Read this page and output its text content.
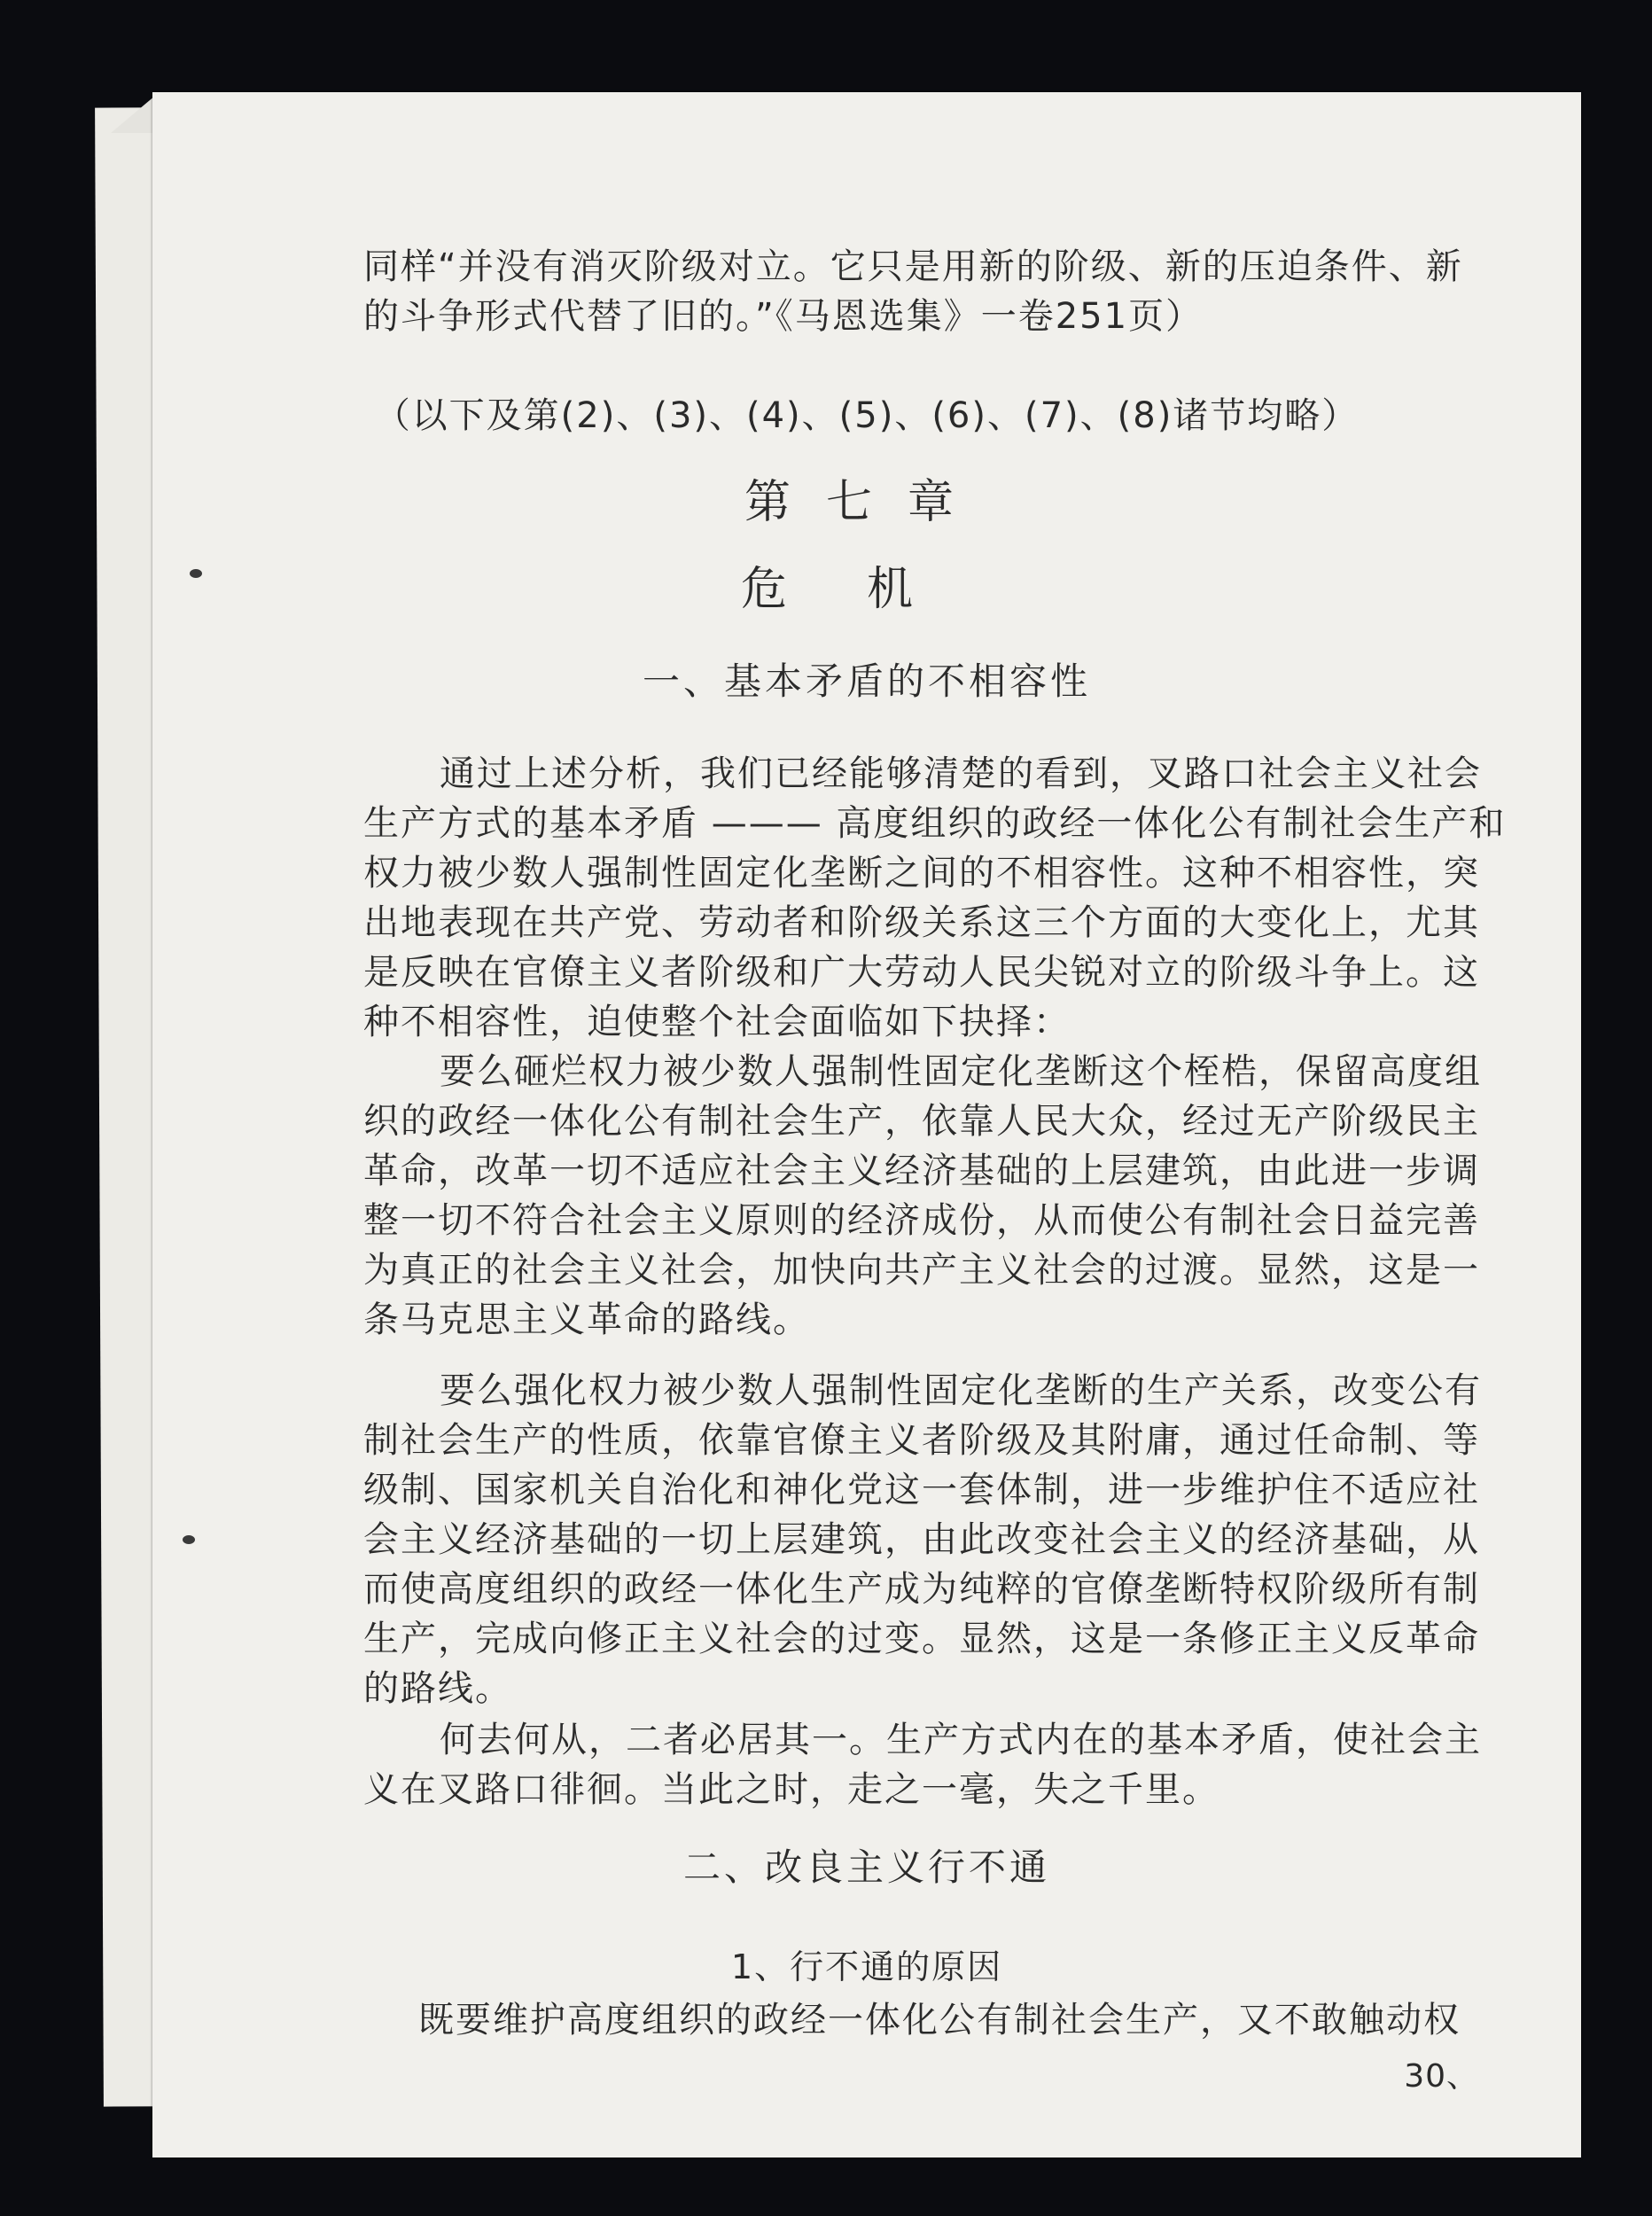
同样“并没有消灭阶级对立。它只是用新的阶级、新的压迫条件、新
的斗争形式代替了旧的。”《马恩选集》一卷251页）
（以下及第(2)、(3)、(4)、(5)、(6)、(7)、(8)诸节均略）
第七章
危机
一、基本矛盾的不相容性
通过上述分析，我们已经能够清楚的看到，叉路口社会主义社会
生产方式的基本矛盾 ——— 高度组织的政经一体化公有制社会生产和
权力被少数人强制性固定化垄断之间的不相容性。这种不相容性，突
出地表现在共产党、劳动者和阶级关系这三个方面的大变化上，尤其
是反映在官僚主义者阶级和广大劳动人民尖锐对立的阶级斗争上。这
种不相容性，迫使整个社会面临如下抉择：
要么砸烂权力被少数人强制性固定化垄断这个桎梏，保留高度组
织的政经一体化公有制社会生产，依靠人民大众，经过无产阶级民主
革命，改革一切不适应社会主义经济基础的上层建筑，由此进一步调
整一切不符合社会主义原则的经济成份，从而使公有制社会日益完善
为真正的社会主义社会，加快向共产主义社会的过渡。显然，这是一
条马克思主义革命的路线。
要么强化权力被少数人强制性固定化垄断的生产关系，改变公有
制社会生产的性质，依靠官僚主义者阶级及其附庸，通过任命制、等
级制、国家机关自治化和神化党这一套体制，进一步维护住不适应社
会主义经济基础的一切上层建筑，由此改变社会主义的经济基础，从
而使高度组织的政经一体化生产成为纯粹的官僚垄断特权阶级所有制
生产，完成向修正主义社会的过变。显然，这是一条修正主义反革命
的路线。
何去何从，二者必居其一。生产方式内在的基本矛盾，使社会主
义在叉路口徘徊。当此之时，走之一毫，失之千里。
二、改良主义行不通
1、行不通的原因
既要维护高度组织的政经一体化公有制社会生产，又不敢触动权
30、
